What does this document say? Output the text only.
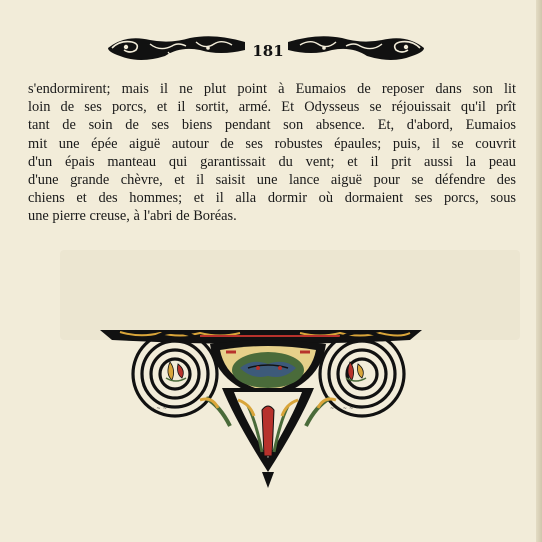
181
s'endormirent; mais il ne plut point à Eumaios de reposer dans son lit
loin de ses porcs, et il sortit, armé. Et Odysseus se réjouissait qu'il prît
tant de soin de ses biens pendant son absence. Et, d'abord, Eumaios
mit une épée aiguë autour de ses robustes épaules; puis, il se couvrit
d'un épais manteau qui garantissait du vent; et il prit aussi la peau
d'une grande chèvre, et il saisit une lance aiguë pour se défendre des
chiens et des hommes; et il alla dormir où dormaient ses porcs, sous
une pierre creuse, à l'abri de Boréas.
~ ~ ~	~ ~ ~ ~ ~
